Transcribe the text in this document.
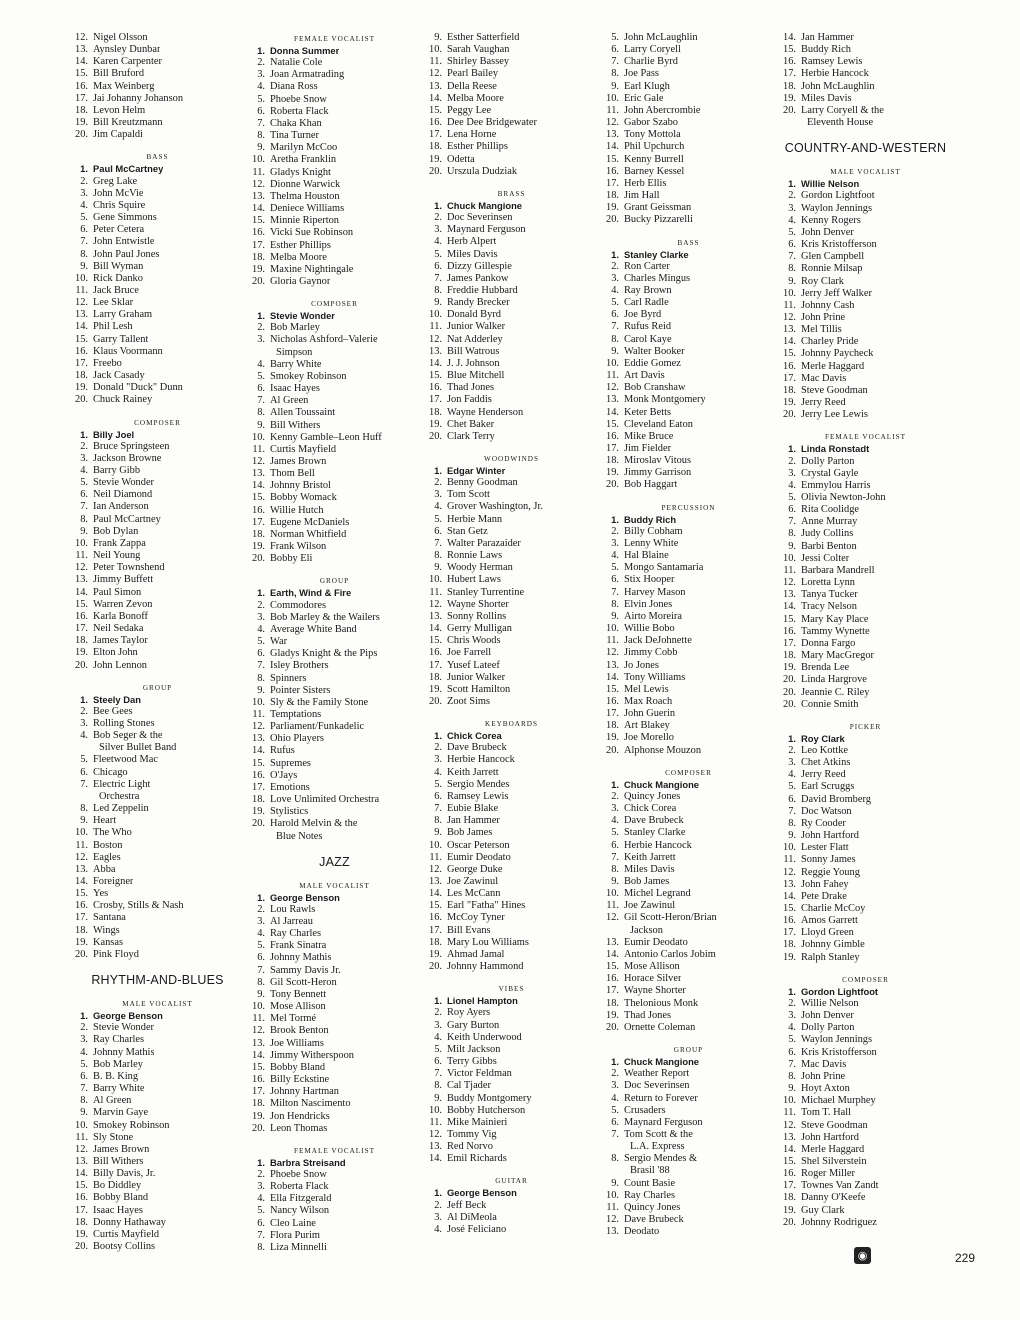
12. Nigel Olsson
13. Aynsley Dunbar
14. Karen Carpenter
15. Bill Bruford
16. Max Weinberg
17. Jai Johanny Johanson
18. Levon Helm
19. Bill Kreutzmann
20. Jim Capaldi
BASS
1. Paul McCartney
2. Greg Lake
3. John McVie
4. Chris Squire
5. Gene Simmons
6. Peter Cetera
7. John Entwistle
8. John Paul Jones
9. Bill Wyman
10. Rick Danko
11. Jack Bruce
12. Lee Sklar
13. Larry Graham
14. Phil Lesh
15. Garry Tallent
16. Klaus Voormann
17. Freebo
18. Jack Casady
19. Donald "Duck" Dunn
20. Chuck Rainey
COMPOSER
1. Billy Joel
2. Bruce Springsteen
3. Jackson Browne
4. Barry Gibb
5. Stevie Wonder
6. Neil Diamond
7. Ian Anderson
8. Paul McCartney
9. Bob Dylan
10. Frank Zappa
11. Neil Young
12. Peter Townshend
13. Jimmy Buffett
14. Paul Simon
15. Warren Zevon
16. Karla Bonoff
17. Neil Sedaka
18. James Taylor
19. Elton John
20. John Lennon
GROUP
1. Steely Dan
2. Bee Gees
3. Rolling Stones
4. Bob Seger & the
Silver Bullet Band
5. Fleetwood Mac
6. Chicago
7. Electric Light
Orchestra
8. Led Zeppelin
9. Heart
10. The Who
11. Boston
12. Eagles
13. Abba
14. Foreigner
15. Yes
16. Crosby, Stills & Nash
17. Santana
18. Wings
19. Kansas
20. Pink Floyd
RHYTHM-AND-BLUES
MALE VOCALIST
1. George Benson
2. Stevie Wonder
3. Ray Charles
4. Johnny Mathis
5. Bob Marley
6. B. B. King
7. Barry White
8. Al Green
9. Marvin Gaye
10. Smokey Robinson
11. Sly Stone
12. James Brown
13. Bill Withers
14. Billy Davis, Jr.
15. Bo Diddley
16. Bobby Bland
17. Isaac Hayes
18. Donny Hathaway
19. Curtis Mayfield
20. Bootsy Collins
FEMALE VOCALIST
1. Donna Summer
2. Natalie Cole
3. Joan Armatrading
4. Diana Ross
5. Phoebe Snow
6. Roberta Flack
7. Chaka Khan
8. Tina Turner
9. Marilyn McCoo
10. Aretha Franklin
11. Gladys Knight
12. Dionne Warwick
13. Thelma Houston
14. Deniece Williams
15. Minnie Riperton
16. Vicki Sue Robinson
17. Esther Phillips
18. Melba Moore
19. Maxine Nightingale
20. Gloria Gaynor
COMPOSER
1. Stevie Wonder
2. Bob Marley
3. Nicholas Ashford–Valerie
Simpson
4. Barry White
5. Smokey Robinson
6. Isaac Hayes
7. Al Green
8. Allen Toussaint
9. Bill Withers
10. Kenny Gamble–Leon Huff
11. Curtis Mayfield
12. James Brown
13. Thom Bell
14. Johnny Bristol
15. Bobby Womack
16. Willie Hutch
17. Eugene McDaniels
18. Norman Whitfield
19. Frank Wilson
20. Bobby Eli
GROUP
1. Earth, Wind & Fire
2. Commodores
3. Bob Marley & the Wailers
4. Average White Band
5. War
6. Gladys Knight & the Pips
7. Isley Brothers
8. Spinners
9. Pointer Sisters
10. Sly & the Family Stone
11. Temptations
12. Parliament/Funkadelic
13. Ohio Players
14. Rufus
15. Supremes
16. O'Jays
17. Emotions
18. Love Unlimited Orchestra
19. Stylistics
20. Harold Melvin & the
Blue Notes
JAZZ
MALE VOCALIST
1. George Benson
2. Lou Rawls
3. Al Jarreau
4. Ray Charles
5. Frank Sinatra
6. Johnny Mathis
7. Sammy Davis Jr.
8. Gil Scott-Heron
9. Tony Bennett
10. Mose Allison
11. Mel Tormé
12. Brook Benton
13. Joe Williams
14. Jimmy Witherspoon
15. Bobby Bland
16. Billy Eckstine
17. Johnny Hartman
18. Milton Nascimento
19. Jon Hendricks
20. Leon Thomas
FEMALE VOCALIST
1. Barbra Streisand
2. Phoebe Snow
3. Roberta Flack
4. Ella Fitzgerald
5. Nancy Wilson
6. Cleo Laine
7. Flora Purim
8. Liza Minnelli
9. Esther Satterfield
10. Sarah Vaughan
11. Shirley Bassey
12. Pearl Bailey
13. Della Reese
14. Melba Moore
15. Peggy Lee
16. Dee Dee Bridgewater
17. Lena Horne
18. Esther Phillips
19. Odetta
20. Urszula Dudziak
BRASS
1. Chuck Mangione
2. Doc Severinsen
3. Maynard Ferguson
4. Herb Alpert
5. Miles Davis
6. Dizzy Gillespie
7. James Pankow
8. Freddie Hubbard
9. Randy Brecker
10. Donald Byrd
11. Junior Walker
12. Nat Adderley
13. Bill Watrous
14. J. J. Johnson
15. Blue Mitchell
16. Thad Jones
17. Jon Faddis
18. Wayne Henderson
19. Chet Baker
20. Clark Terry
WOODWINDS
1. Edgar Winter
2. Benny Goodman
3. Tom Scott
4. Grover Washington, Jr.
5. Herbie Mann
6. Stan Getz
7. Walter Parazaider
8. Ronnie Laws
9. Woody Herman
10. Hubert Laws
11. Stanley Turrentine
12. Wayne Shorter
13. Sonny Rollins
14. Gerry Mulligan
15. Chris Woods
16. Joe Farrell
17. Yusef Lateef
18. Junior Walker
19. Scott Hamilton
20. Zoot Sims
KEYBOARDS
1. Chick Corea
2. Dave Brubeck
3. Herbie Hancock
4. Keith Jarrett
5. Sergio Mendes
6. Ramsey Lewis
7. Eubie Blake
8. Jan Hammer
9. Bob James
10. Oscar Peterson
11. Eumir Deodato
12. George Duke
13. Joe Zawinul
14. Les McCann
15. Earl "Fatha" Hines
16. McCoy Tyner
17. Bill Evans
18. Mary Lou Williams
19. Ahmad Jamal
20. Johnny Hammond
VIBES
1. Lionel Hampton
2. Roy Ayers
3. Gary Burton
4. Keith Underwood
5. Milt Jackson
6. Terry Gibbs
7. Victor Feldman
8. Cal Tjader
9. Buddy Montgomery
10. Bobby Hutcherson
11. Mike Mainieri
12. Tommy Vig
13. Red Norvo
14. Emil Richards
GUITAR
1. George Benson
2. Jeff Beck
3. Al DiMeola
4. José Feliciano
5. John McLaughlin
6. Larry Coryell
7. Charlie Byrd
8. Joe Pass
9. Earl Klugh
10. Eric Gale
11. John Abercrombie
12. Gabor Szabo
13. Tony Mottola
14. Phil Upchurch
15. Kenny Burrell
16. Barney Kessel
17. Herb Ellis
18. Jim Hall
19. Grant Geissman
20. Bucky Pizzarelli
BASS
1. Stanley Clarke
2. Ron Carter
3. Charles Mingus
4. Ray Brown
5. Carl Radle
6. Joe Byrd
7. Rufus Reid
8. Carol Kaye
9. Walter Booker
10. Eddie Gomez
11. Art Davis
12. Bob Cranshaw
13. Monk Montgomery
14. Keter Betts
15. Cleveland Eaton
16. Mike Bruce
17. Jim Fielder
18. Miroslav Vitous
19. Jimmy Garrison
20. Bob Haggart
PERCUSSION
1. Buddy Rich
2. Billy Cobham
3. Lenny White
4. Hal Blaine
5. Mongo Santamaria
6. Stix Hooper
7. Harvey Mason
8. Elvin Jones
9. Airto Moreira
10. Willie Bobo
11. Jack DeJohnette
12. Jimmy Cobb
13. Jo Jones
14. Tony Williams
15. Mel Lewis
16. Max Roach
17. John Guerin
18. Art Blakey
19. Joe Morello
20. Alphonse Mouzon
COMPOSER
1. Chuck Mangione
2. Quincy Jones
3. Chick Corea
4. Dave Brubeck
5. Stanley Clarke
6. Herbie Hancock
7. Keith Jarrett
8. Miles Davis
9. Bob James
10. Michel Legrand
11. Joe Zawinul
12. Gil Scott-Heron/Brian
Jackson
13. Eumir Deodato
14. Antonio Carlos Jobim
15. Mose Allison
16. Horace Silver
17. Wayne Shorter
18. Thelonious Monk
19. Thad Jones
20. Ornette Coleman
GROUP
1. Chuck Mangione
2. Weather Report
3. Doc Severinsen
4. Return to Forever
5. Crusaders
6. Maynard Ferguson
7. Tom Scott & the
L.A. Express
8. Sergio Mendes &
Brasil '88
9. Count Basie
10. Ray Charles
11. Quincy Jones
12. Dave Brubeck
13. Deodato
14. Jan Hammer
15. Buddy Rich
16. Ramsey Lewis
17. Herbie Hancock
18. John McLaughlin
19. Miles Davis
20. Larry Coryell & the
Eleventh House
COUNTRY-AND-WESTERN
MALE VOCALIST
1. Willie Nelson
2. Gordon Lightfoot
3. Waylon Jennings
4. Kenny Rogers
5. John Denver
6. Kris Kristofferson
7. Glen Campbell
8. Ronnie Milsap
9. Roy Clark
10. Jerry Jeff Walker
11. Johnny Cash
12. John Prine
13. Mel Tillis
14. Charley Pride
15. Johnny Paycheck
16. Merle Haggard
17. Mac Davis
18. Steve Goodman
19. Jerry Reed
20. Jerry Lee Lewis
FEMALE VOCALIST
1. Linda Ronstadt
2. Dolly Parton
3. Crystal Gayle
4. Emmylou Harris
5. Olivia Newton-John
6. Rita Coolidge
7. Anne Murray
8. Judy Collins
9. Barbi Benton
10. Jessi Colter
11. Barbara Mandrell
12. Loretta Lynn
13. Tanya Tucker
14. Tracy Nelson
15. Mary Kay Place
16. Tammy Wynette
17. Donna Fargo
18. Mary MacGregor
19. Brenda Lee
20. Linda Hargrove
20. Jeannie C. Riley
20. Connie Smith
PICKER
1. Roy Clark
2. Leo Kottke
3. Chet Atkins
4. Jerry Reed
5. Earl Scruggs
6. David Bromberg
7. Doc Watson
8. Ry Cooder
9. John Hartford
10. Lester Flatt
11. Sonny James
12. Reggie Young
13. John Fahey
14. Pete Drake
15. Charlie McCoy
16. Amos Garrett
17. Lloyd Green
18. Johnny Gimble
19. Ralph Stanley
COMPOSER
1. Gordon Lightfoot
2. Willie Nelson
3. John Denver
4. Dolly Parton
5. Waylon Jennings
6. Kris Kristofferson
7. Mac Davis
8. John Prine
9. Hoyt Axton
10. Michael Murphey
11. Tom T. Hall
12. Steve Goodman
13. John Hartford
14. Merle Haggard
15. Shel Silverstein
16. Roger Miller
17. Townes Van Zandt
18. Danny O'Keefe
19. Guy Clark
20. Johnny Rodriguez
◉	229
